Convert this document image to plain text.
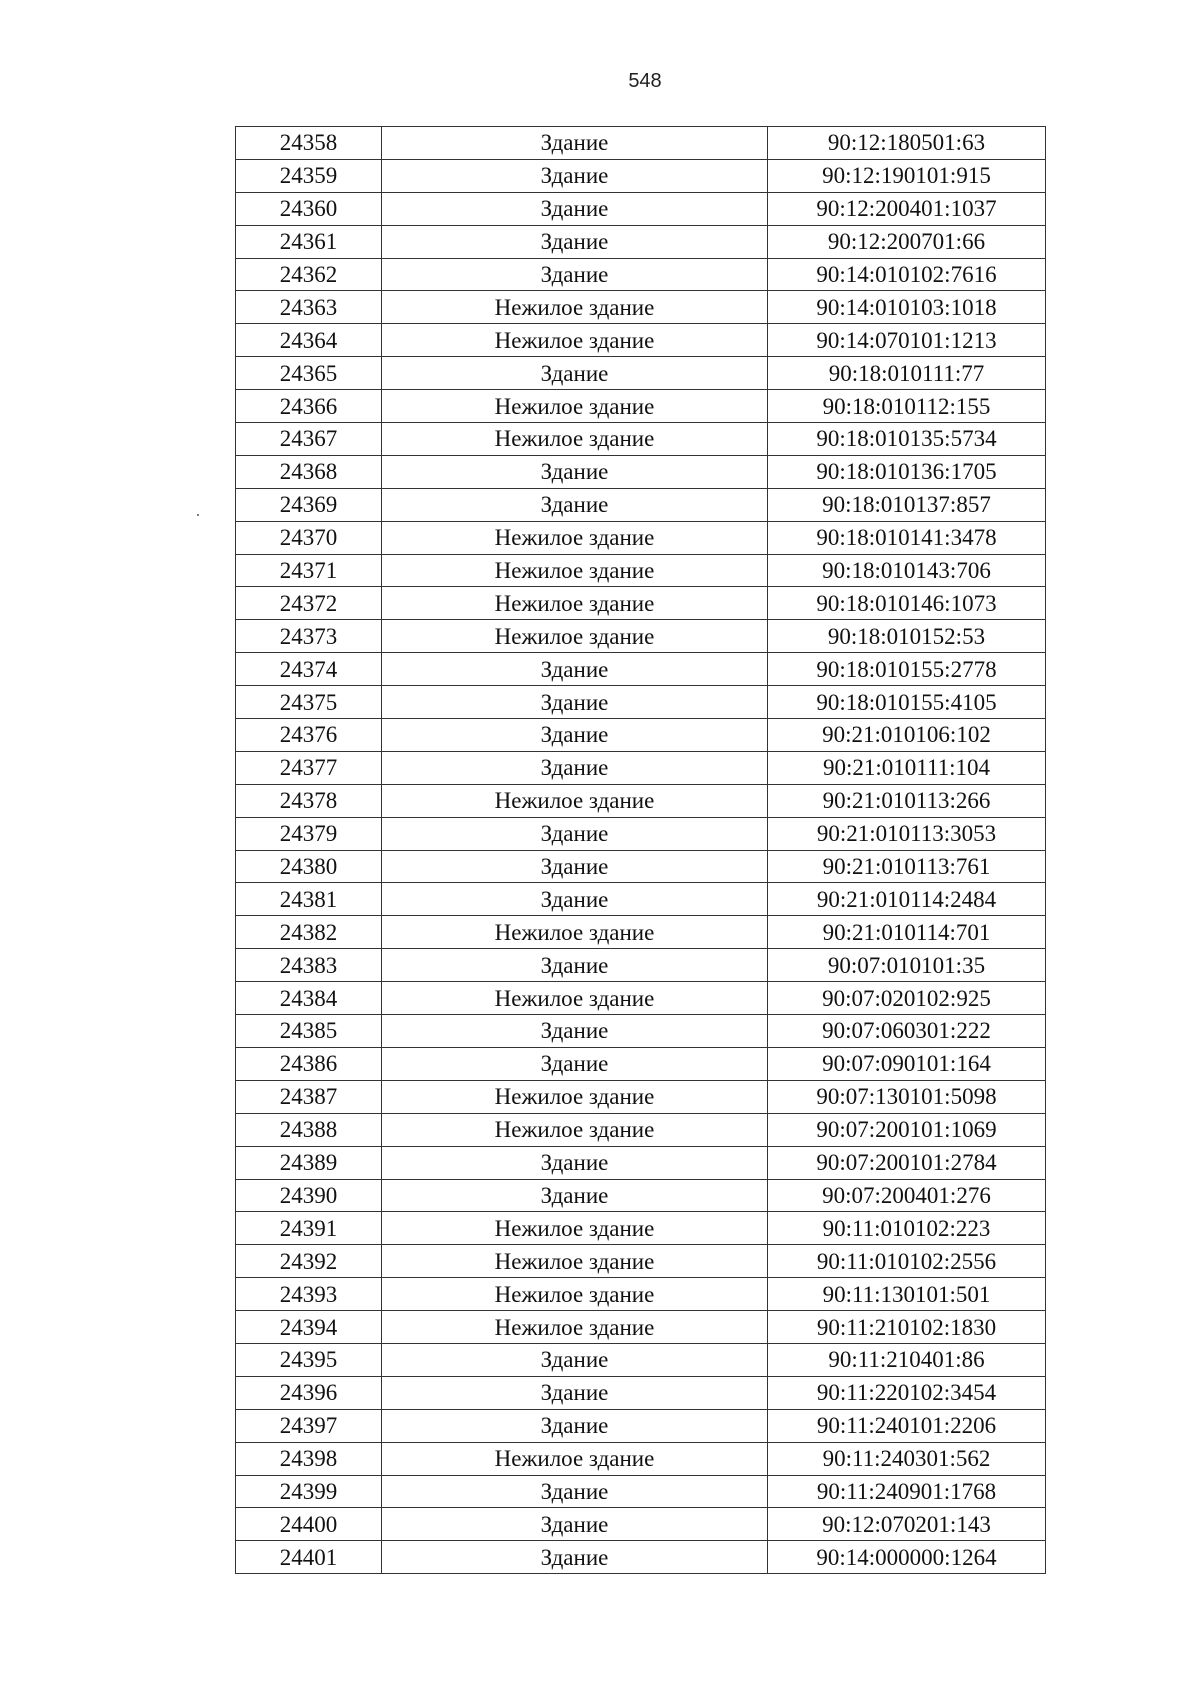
548
24358	Здание	90:12:180501:63
24359	Здание	90:12:190101:915
24360	Здание	90:12:200401:1037
24361	Здание	90:12:200701:66
24362	Здание	90:14:010102:7616
24363	Нежилое здание	90:14:010103:1018
24364	Нежилое здание	90:14:070101:1213
24365	Здание	90:18:010111:77
24366	Нежилое здание	90:18:010112:155
24367	Нежилое здание	90:18:010135:5734
24368	Здание	90:18:010136:1705
24369	Здание	90:18:010137:857
24370	Нежилое здание	90:18:010141:3478
24371	Нежилое здание	90:18:010143:706
24372	Нежилое здание	90:18:010146:1073
24373	Нежилое здание	90:18:010152:53
24374	Здание	90:18:010155:2778
24375	Здание	90:18:010155:4105
24376	Здание	90:21:010106:102
24377	Здание	90:21:010111:104
24378	Нежилое здание	90:21:010113:266
24379	Здание	90:21:010113:3053
24380	Здание	90:21:010113:761
24381	Здание	90:21:010114:2484
24382	Нежилое здание	90:21:010114:701
24383	Здание	90:07:010101:35
24384	Нежилое здание	90:07:020102:925
24385	Здание	90:07:060301:222
24386	Здание	90:07:090101:164
24387	Нежилое здание	90:07:130101:5098
24388	Нежилое здание	90:07:200101:1069
24389	Здание	90:07:200101:2784
24390	Здание	90:07:200401:276
24391	Нежилое здание	90:11:010102:223
24392	Нежилое здание	90:11:010102:2556
24393	Нежилое здание	90:11:130101:501
24394	Нежилое здание	90:11:210102:1830
24395	Здание	90:11:210401:86
24396	Здание	90:11:220102:3454
24397	Здание	90:11:240101:2206
24398	Нежилое здание	90:11:240301:562
24399	Здание	90:11:240901:1768
24400	Здание	90:12:070201:143
24401	Здание	90:14:000000:1264
